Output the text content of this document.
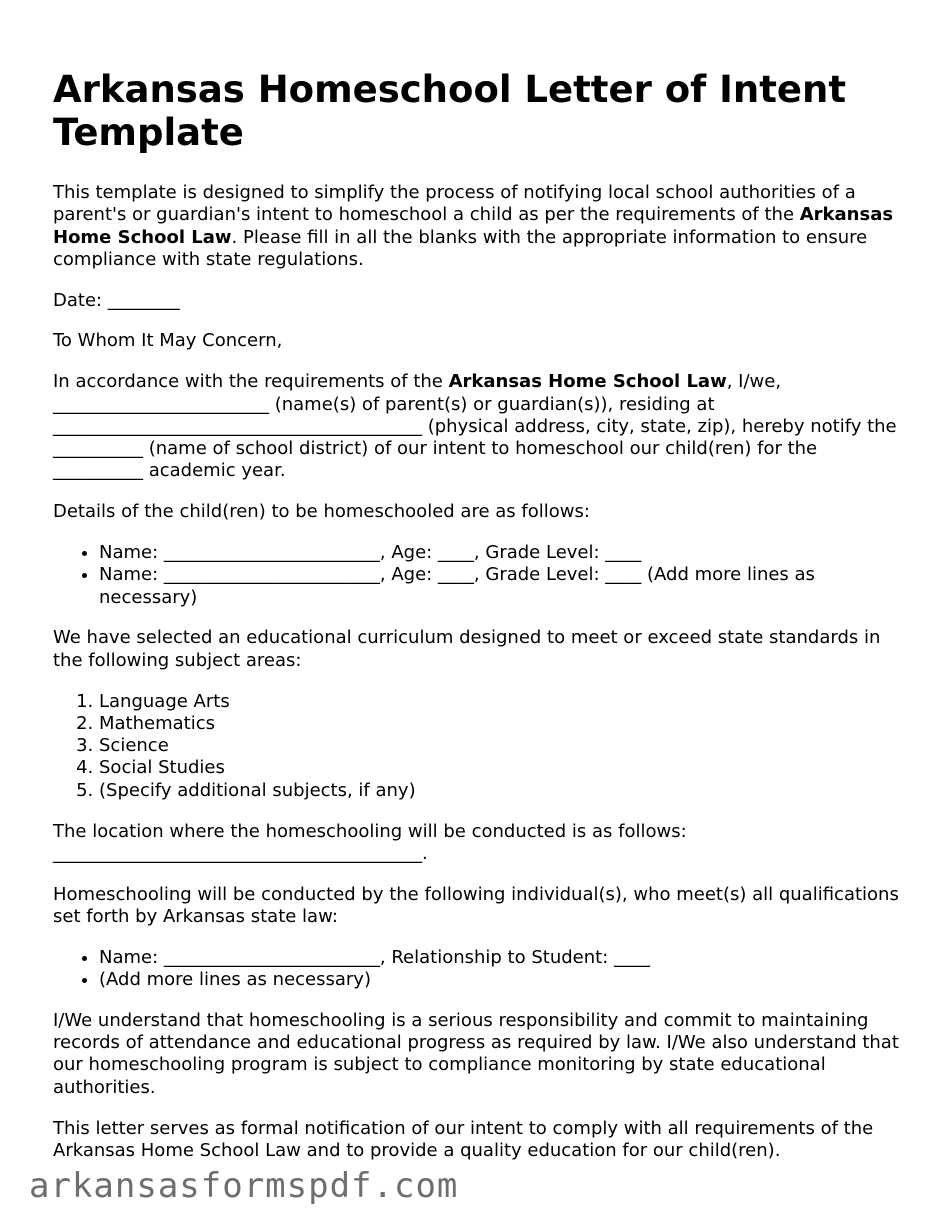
Arkansas Homeschool Letter of Intent Template

This template is designed to simplify the process of notifying local school authorities of a parent's or guardian's intent to homeschool a child as per the requirements of the Arkansas Home School Law. Please fill in all the blanks with the appropriate information to ensure compliance with state regulations.

Date: ________

To Whom It May Concern,

In accordance with the requirements of the Arkansas Home School Law, I/we, ________________________ (name(s) of parent(s) or guardian(s)), residing at _________________________________________ (physical address, city, state, zip), hereby notify the __________ (name of school district) of our intent to homeschool our child(ren) for the __________ academic year.

Details of the child(ren) to be homeschooled are as follows:

• Name: ________________________, Age: ____, Grade Level: ____
• Name: ________________________, Age: ____, Grade Level: ____ (Add more lines as necessary)

We have selected an educational curriculum designed to meet or exceed state standards in the following subject areas:

1. Language Arts
2. Mathematics
3. Science
4. Social Studies
5. (Specify additional subjects, if any)

The location where the homeschooling will be conducted is as follows: _________________________________________.

Homeschooling will be conducted by the following individual(s), who meet(s) all qualifications set forth by Arkansas state law:

• Name: ________________________, Relationship to Student: ____
• (Add more lines as necessary)

I/We understand that homeschooling is a serious responsibility and commit to maintaining records of attendance and educational progress as required by law. I/We also understand that our homeschooling program is subject to compliance monitoring by state educational authorities.

This letter serves as formal notification of our intent to comply with all requirements of the Arkansas Home School Law and to provide a quality education for our child(ren).

arkansasformspdf.com
